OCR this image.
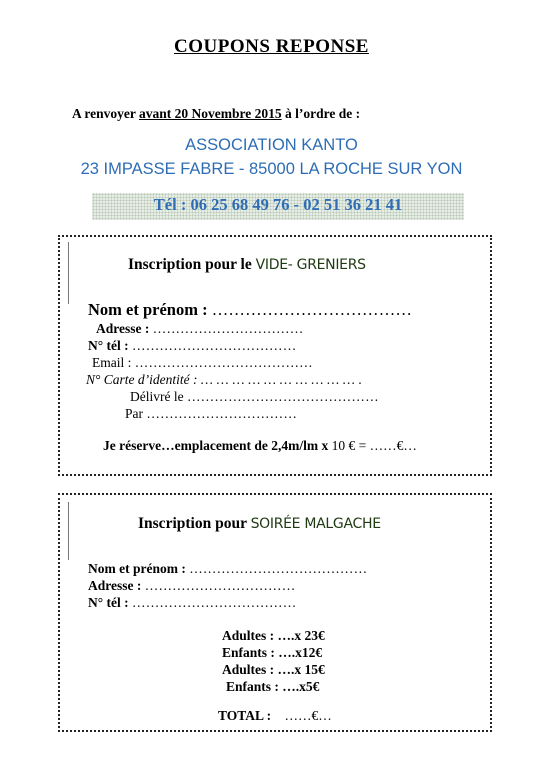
COUPONS REPONSE
A renvoyer avant 20 Novembre 2015 à l’ordre de :
ASSOCIATION KANTO
23 IMPASSE FABRE - 85000 LA ROCHE SUR YON
Tél : 06 25 68 49 76 - 02 51 36 21 41
Inscription pour le VIDE- GRENIERS
Nom et prénom : ………………………………
Adresse : ……………………………
N° tél : ………………………………
Email : …………………………………
N° Carte d’identité : … … … … … … … … … … .
Délivré le ……………………………………
Par ……………………………
Je réserve…emplacement de 2,4m/lm x 10 € = ……€…
Inscription pour SOIRÉE MALGACHE
Nom et prénom : …………………………………
Adresse : ……………………………
N° tél : ………………………………
Adultes : ….x 23€
Enfants : ….x12€
Adultes : ….x 15€
Enfants : ….x5€
TOTAL : ……€…
